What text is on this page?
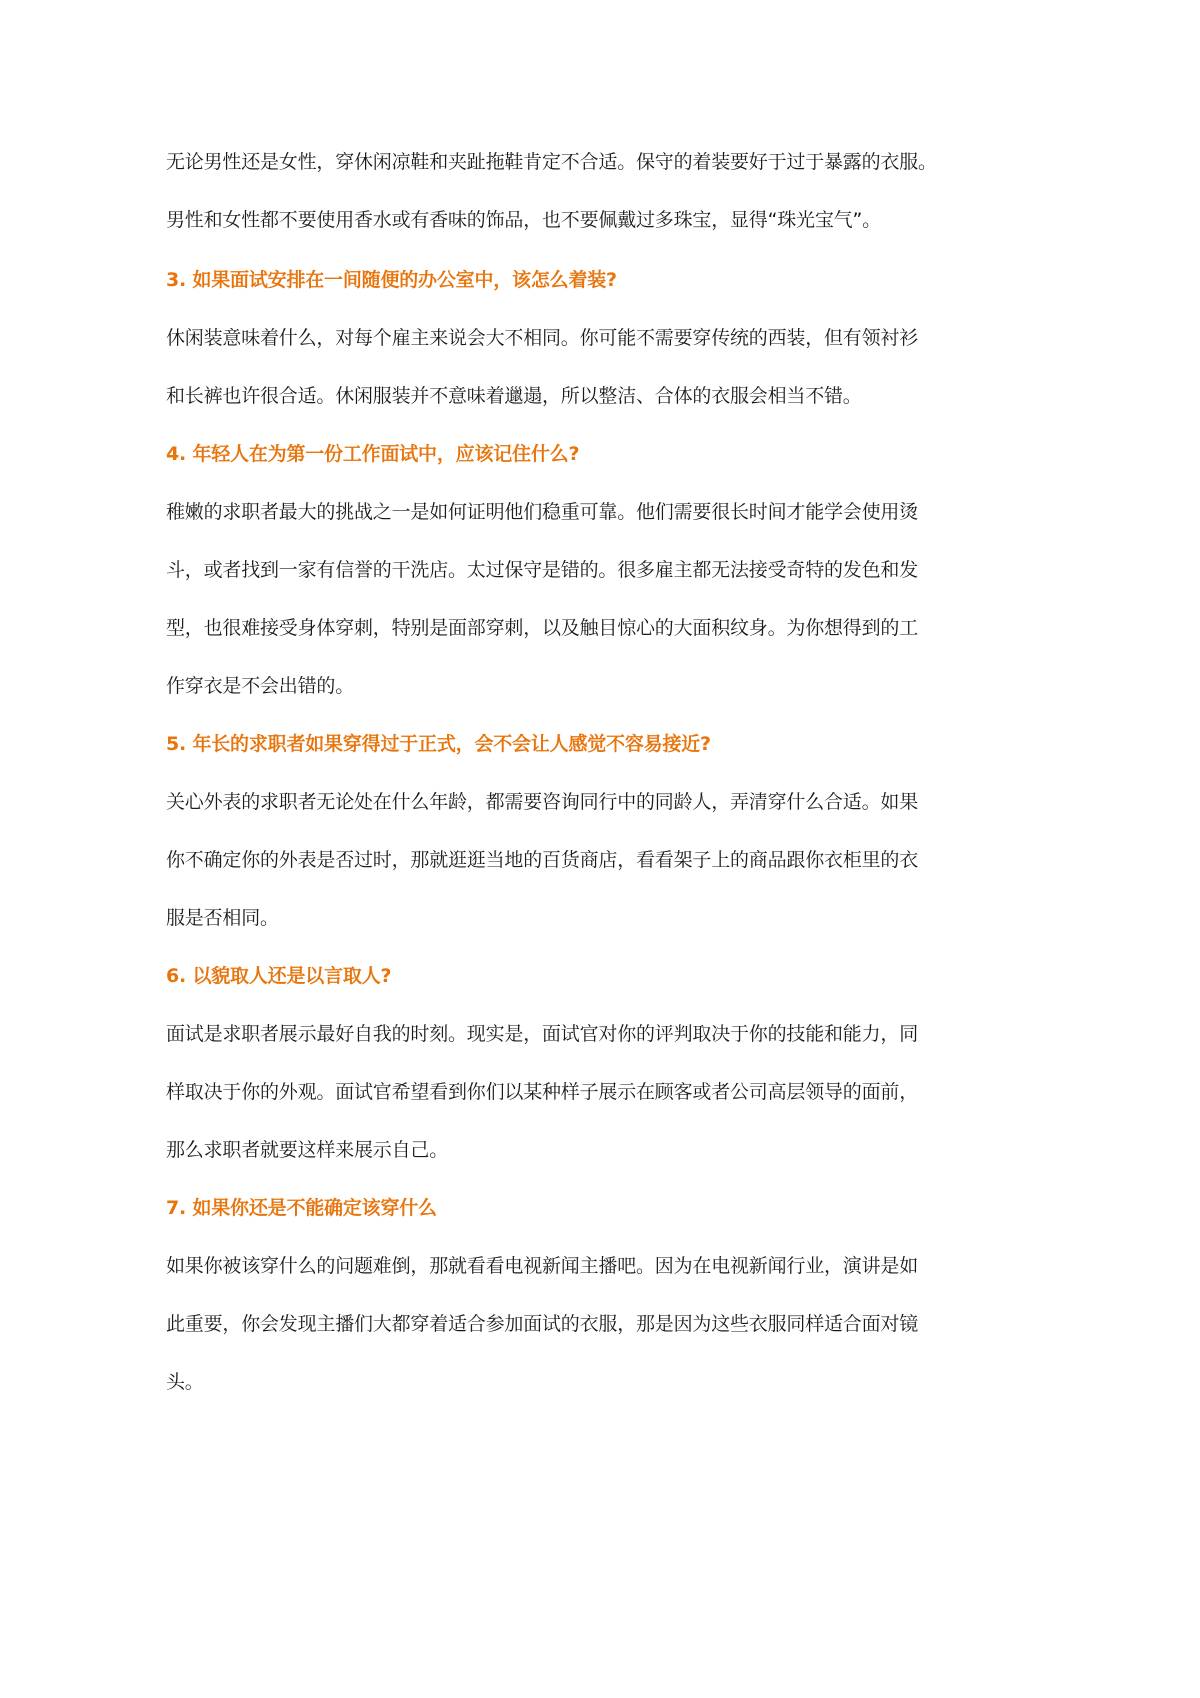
无论男性还是女性，穿休闲凉鞋和夹趾拖鞋肯定不合适。保守的着装要好于过于暴露的衣服。
男性和女性都不要使用香水或有香味的饰品，也不要佩戴过多珠宝，显得“珠光宝气”。
3. 如果面试安排在一间随便的办公室中，该怎么着装?
休闲装意味着什么，对每个雇主来说会大不相同。你可能不需要穿传统的西装，但有领衬衫
和长裤也许很合适。休闲服装并不意味着邋遢，所以整洁、合体的衣服会相当不错。
4. 年轻人在为第一份工作面试中，应该记住什么?
稚嫩的求职者最大的挑战之一是如何证明他们稳重可靠。他们需要很长时间才能学会使用烫
斗，或者找到一家有信誉的干洗店。太过保守是错的。很多雇主都无法接受奇特的发色和发
型，也很难接受身体穿刺，特别是面部穿刺，以及触目惊心的大面积纹身。为你想得到的工
作穿衣是不会出错的。
5. 年长的求职者如果穿得过于正式，会不会让人感觉不容易接近?
关心外表的求职者无论处在什么年龄，都需要咨询同行中的同龄人，弄清穿什么合适。如果
你不确定你的外表是否过时，那就逛逛当地的百货商店，看看架子上的商品跟你衣柜里的衣
服是否相同。
6. 以貌取人还是以言取人?
面试是求职者展示最好自我的时刻。现实是，面试官对你的评判取决于你的技能和能力，同
样取决于你的外观。面试官希望看到你们以某种样子展示在顾客或者公司高层领导的面前，
那么求职者就要这样来展示自己。
7. 如果你还是不能确定该穿什么
如果你被该穿什么的问题难倒，那就看看电视新闻主播吧。因为在电视新闻行业，演讲是如
此重要，你会发现主播们大都穿着适合参加面试的衣服，那是因为这些衣服同样适合面对镜
头。
